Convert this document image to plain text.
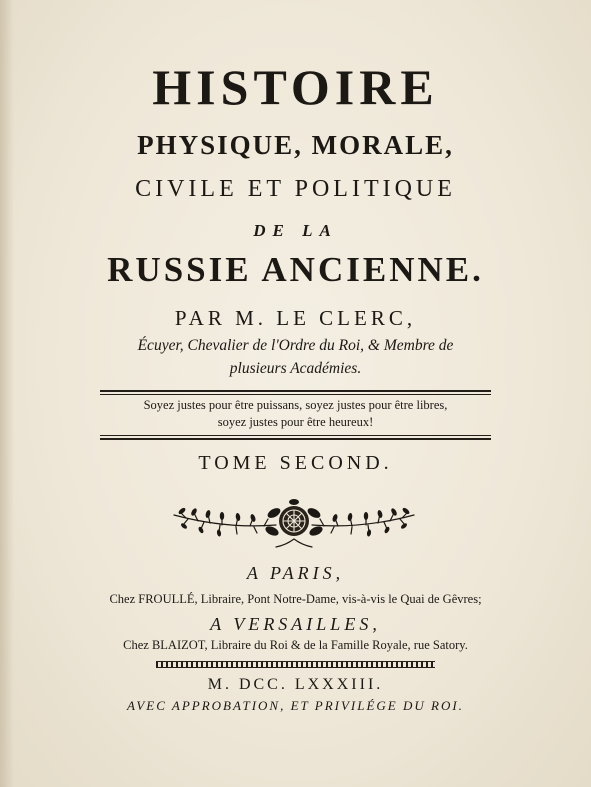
HISTOIRE
PHYSIQUE, MORALE,
CIVILE ET POLITIQUE
DE LA
RUSSIE ANCIENNE.
PAR M. LE CLERC,
Écuyer, Chevalier de l'Ordre du Roi, & Membre de
plusieurs Académies.
Soyez justes pour être puissans, soyez justes pour être libres,
soyez justes pour être heureux!
TOME SECOND.
A PARIS,
Chez FROULLÉ, Libraire, Pont Notre-Dame, vis-à-vis le Quai de Gêvres;
A VERSAILLES,
Chez BLAIZOT, Libraire du Roi & de la Famille Royale, rue Satory.
M. DCC. LXXXIII.
AVEC APPROBATION, ET PRIVILÉGE DU ROI.
